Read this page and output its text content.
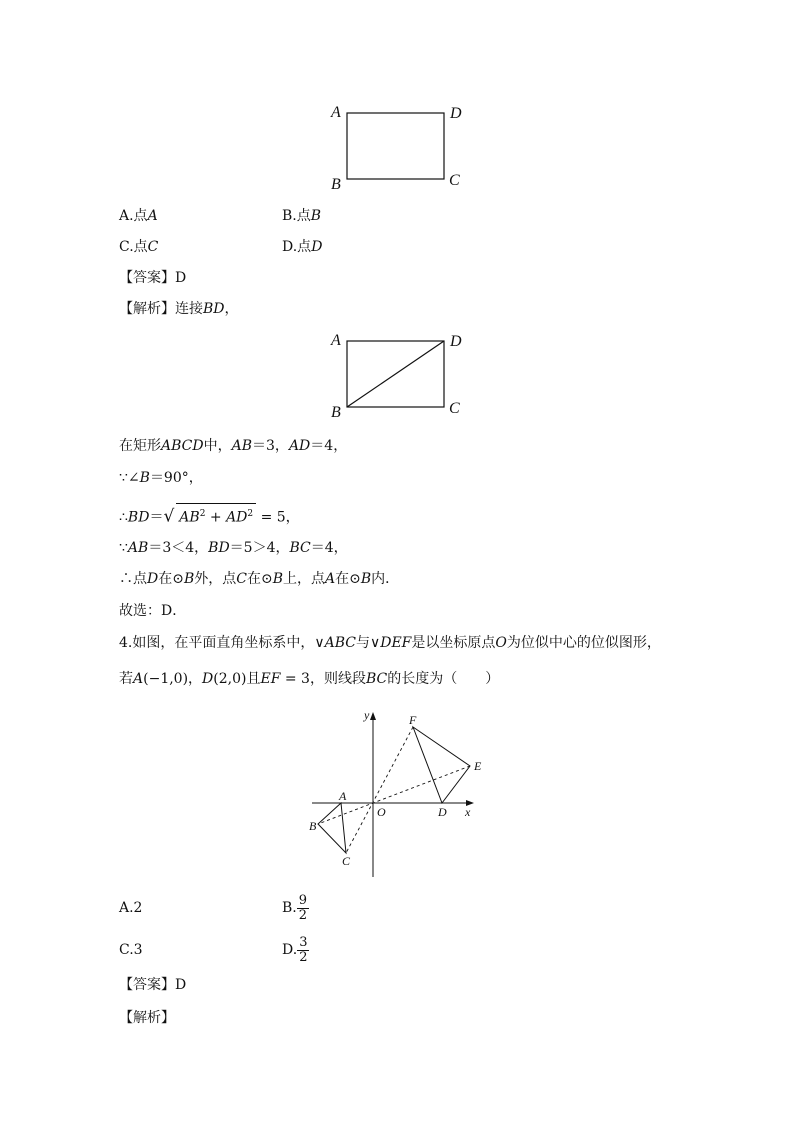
A	D
B	C
A.点A	B.点B
C.点C	D.点D
【答案】D
【解析】连接BD，
A	D
B	C
在矩形ABCD中，AB＝3，AD＝4，
∵∠B＝90°，
∴BD＝√ $AB^2 + AD^2 = 5$，
∵AB＝3＜4，BD＝5＞4，BC＝4，
∴点D在⊙B外，点C在⊙B上，点A在⊙B内．
故选：D．
4.如图，在平面直角坐标系中，∨ABC与∨DEF是以坐标原点O为位似中心的位似图形，
若A(−1,0)，D(2,0)且EF = 3，则线段BC的长度为（　　）
y
x
O
F
E
D
A
B
C
A.2	B. $\frac{9}{2}$
C.3	D. $\frac{3}{2}$
【答案】D
【解析】
